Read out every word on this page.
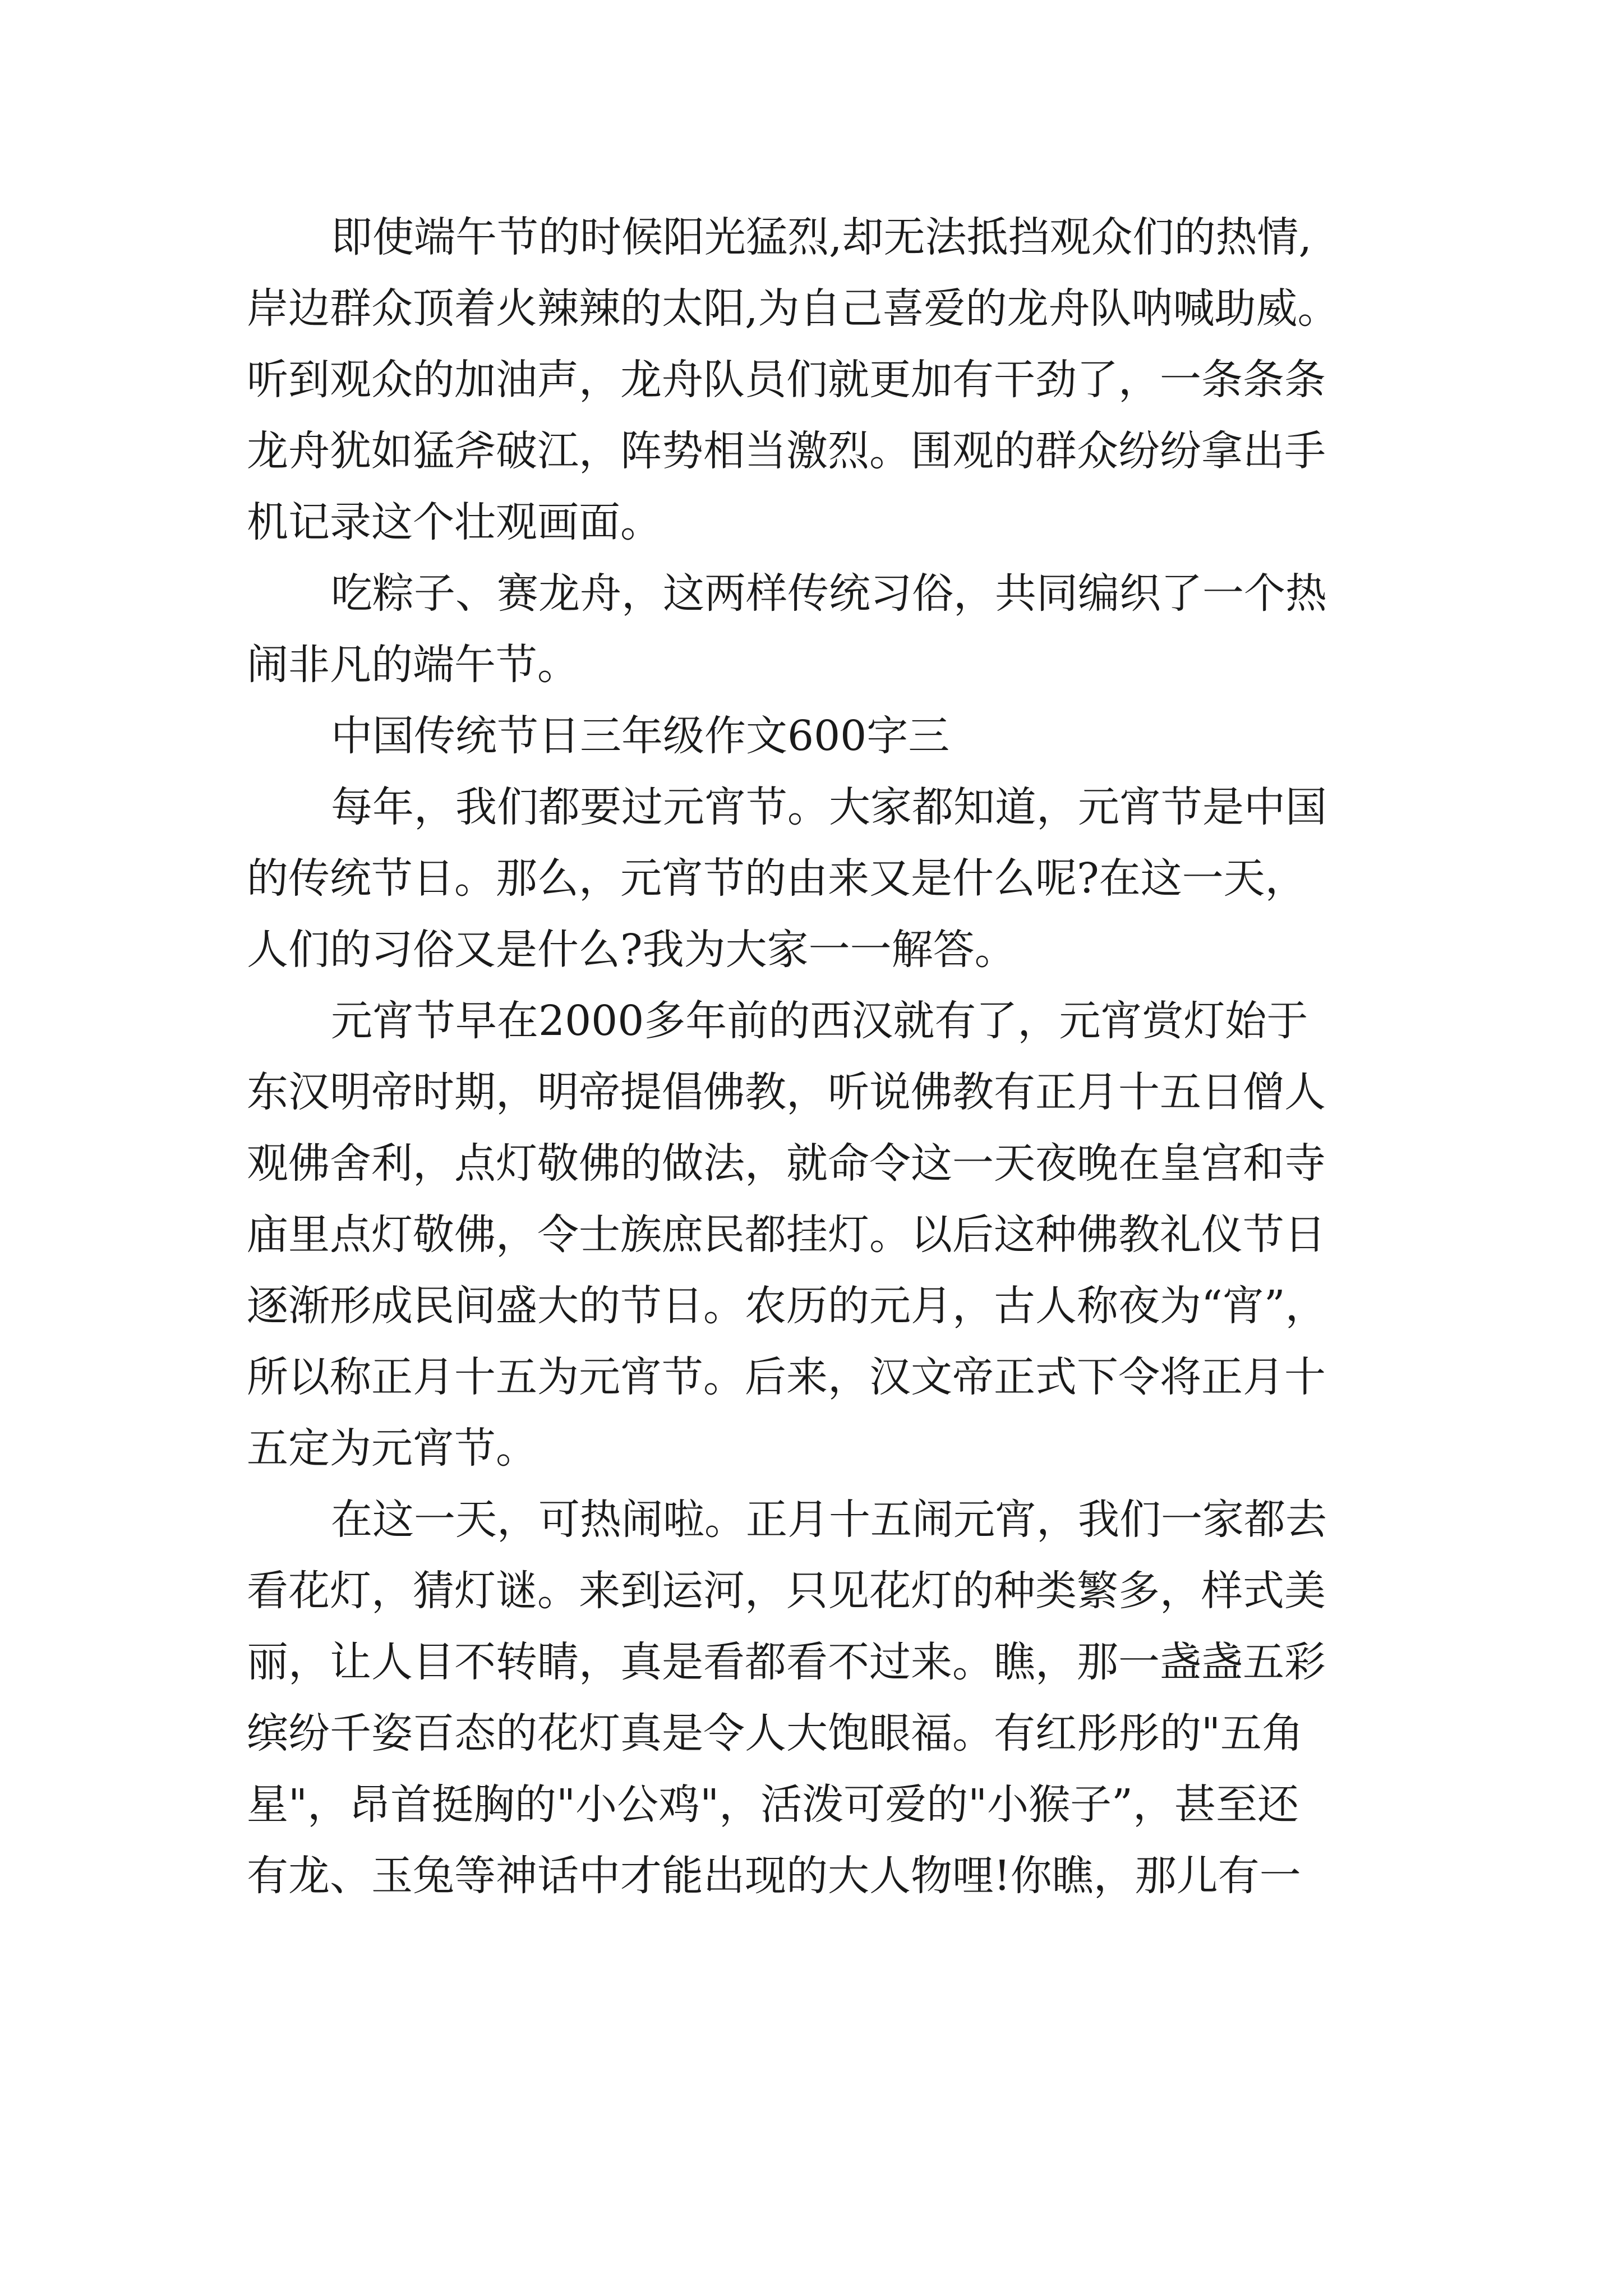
即使端午节的时候阳光猛烈,却无法抵挡观众们的热情,
岸边群众顶着火辣辣的太阳,为自己喜爱的龙舟队呐喊助威。
听到观众的加油声，龙舟队员们就更加有干劲了，一条条条
龙舟犹如猛斧破江，阵势相当激烈。围观的群众纷纷拿出手
机记录这个壮观画面。
吃粽子、赛龙舟，这两样传统习俗，共同编织了一个热
闹非凡的端午节。
中国传统节日三年级作文600字三
每年，我们都要过元宵节。大家都知道，元宵节是中国
的传统节日。那么，元宵节的由来又是什么呢?在这一天，
人们的习俗又是什么?我为大家一一解答。
元宵节早在2000多年前的西汉就有了，元宵赏灯始于
东汉明帝时期，明帝提倡佛教，听说佛教有正月十五日僧人
观佛舍利，点灯敬佛的做法，就命令这一天夜晚在皇宫和寺
庙里点灯敬佛，令士族庶民都挂灯。以后这种佛教礼仪节日
逐渐形成民间盛大的节日。农历的元月，古人称夜为“宵”，
所以称正月十五为元宵节。后来，汉文帝正式下令将正月十
五定为元宵节。
在这一天，可热闹啦。正月十五闹元宵，我们一家都去
看花灯，猜灯谜。来到运河，只见花灯的种类繁多，样式美
丽，让人目不转睛，真是看都看不过来。瞧，那一盏盏五彩
缤纷千姿百态的花灯真是令人大饱眼福。有红彤彤的"五角
星"，昂首挺胸的"小公鸡"，活泼可爱的"小猴子”，甚至还
有龙、玉兔等神话中才能出现的大人物哩!你瞧，那儿有一
